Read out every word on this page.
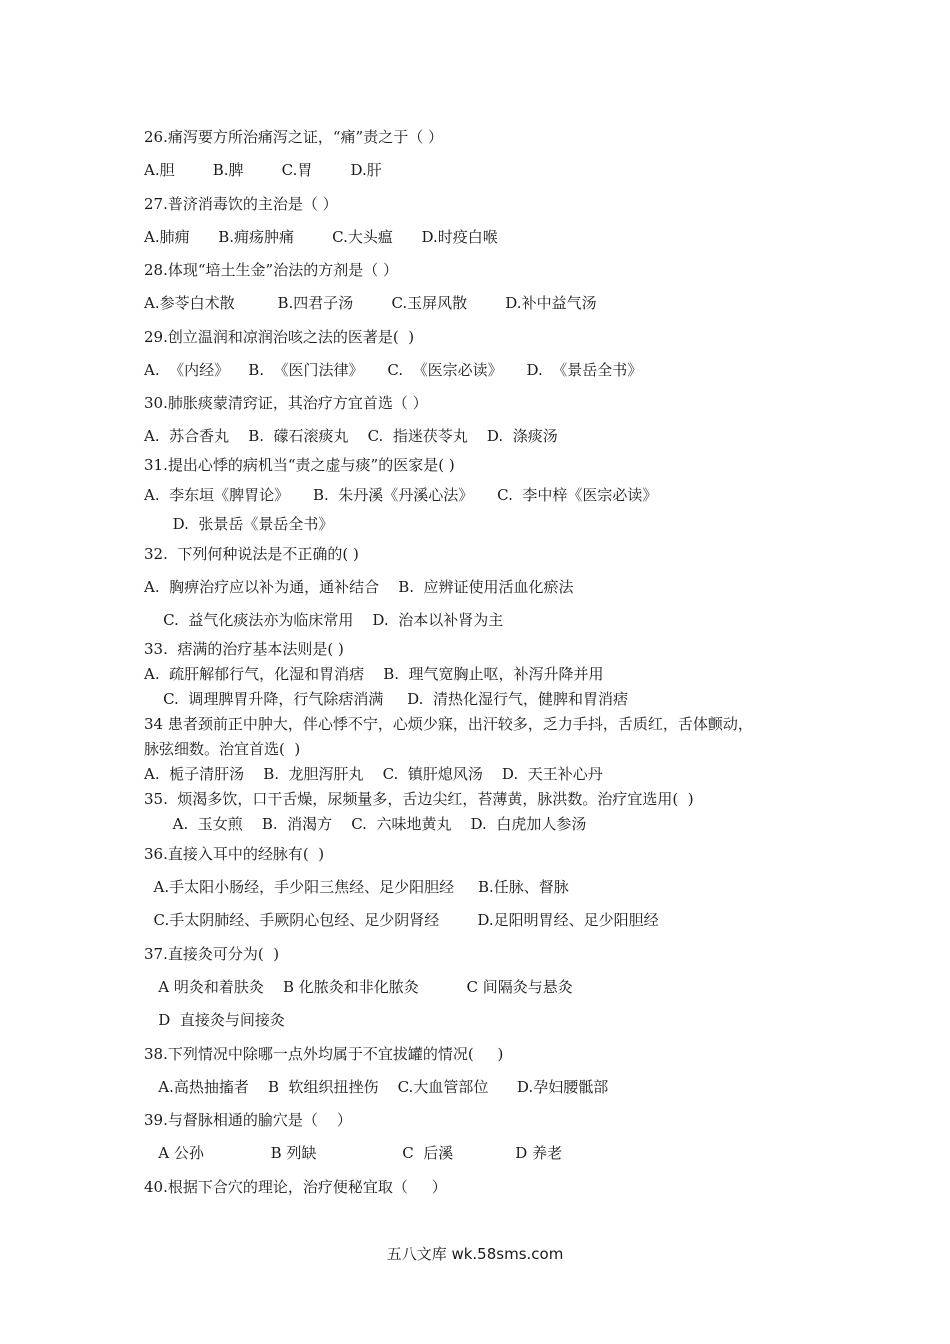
26.痛泻要方所治痛泻之证，“痛”责之于（ ）
A.胆        B.脾        C.胃        D.肝
27.普济消毒饮的主治是（ ）
A.肺痈      B.痈疡肿痛        C.大头瘟      D.时疫白喉
28.体现“培土生金”治法的方剂是（ ）
A.参苓白术散         B.四君子汤        C.玉屏风散        D.补中益气汤
29.创立温润和凉润治咳之法的医著是(  )
A.  《内经》    B.  《医门法律》     C.  《医宗必读》     D.  《景岳全书》
30.肺胀痰蒙清窍证，其治疗方宜首选（ ）
A.  苏合香丸    B.  礞石滚痰丸    C.  指迷茯苓丸    D.  涤痰汤
31.提出心悸的病机当“责之虚与痰”的医家是( )
A.  李东垣《脾胃论》     B.  朱丹溪《丹溪心法》     C.  李中梓《医宗必读》
D.  张景岳《景岳全书》
32.  下列何种说法是不正确的( )
A.  胸痹治疗应以补为通，通补结合    B.  应辨证使用活血化瘀法
C.  益气化痰法亦为临床常用    D.  治本以补肾为主
33.  痞满的治疗基本法则是( )
A.  疏肝解郁行气，化湿和胃消痞    B.  理气宽胸止呕，补泻升降并用
C.  调理脾胃升降，行气除痞消满     D.  清热化湿行气，健脾和胃消痞
34 患者颈前正中肿大，伴心悸不宁，心烦少寐，出汗较多，乏力手抖，舌质红，舌体颤动，
脉弦细数。治宜首选(  )
A.  栀子清肝汤    B.  龙胆泻肝丸    C.  镇肝熄风汤    D.  天王补心丹
35.  烦渴多饮，口干舌燥，尿频量多，舌边尖红，苔薄黄，脉洪数。治疗宜选用(  )
A.  玉女煎    B.  消渴方    C.  六味地黄丸    D.  白虎加人参汤
36.直接入耳中的经脉有(  )
A.手太阳小肠经，手少阳三焦经、足少阳胆经     B.任脉、督脉
C.手太阴肺经、手厥阴心包经、足少阴肾经        D.足阳明胃经、足少阳胆经
37.直接灸可分为(  )
A 明灸和着肤灸    B 化脓灸和非化脓灸          C 间隔灸与悬灸
D  直接灸与间接灸
38.下列情况中除哪一点外均属于不宜拔罐的情况(     )
A.高热抽搐者    B  软组织扭挫伤    C.大血管部位      D.孕妇腰骶部
39.与督脉相通的腧穴是（    ）
A 公孙              B 列缺                  C  后溪             D 养老
40.根据下合穴的理论，治疗便秘宜取（     ）
五八文库 wk.58sms.com
